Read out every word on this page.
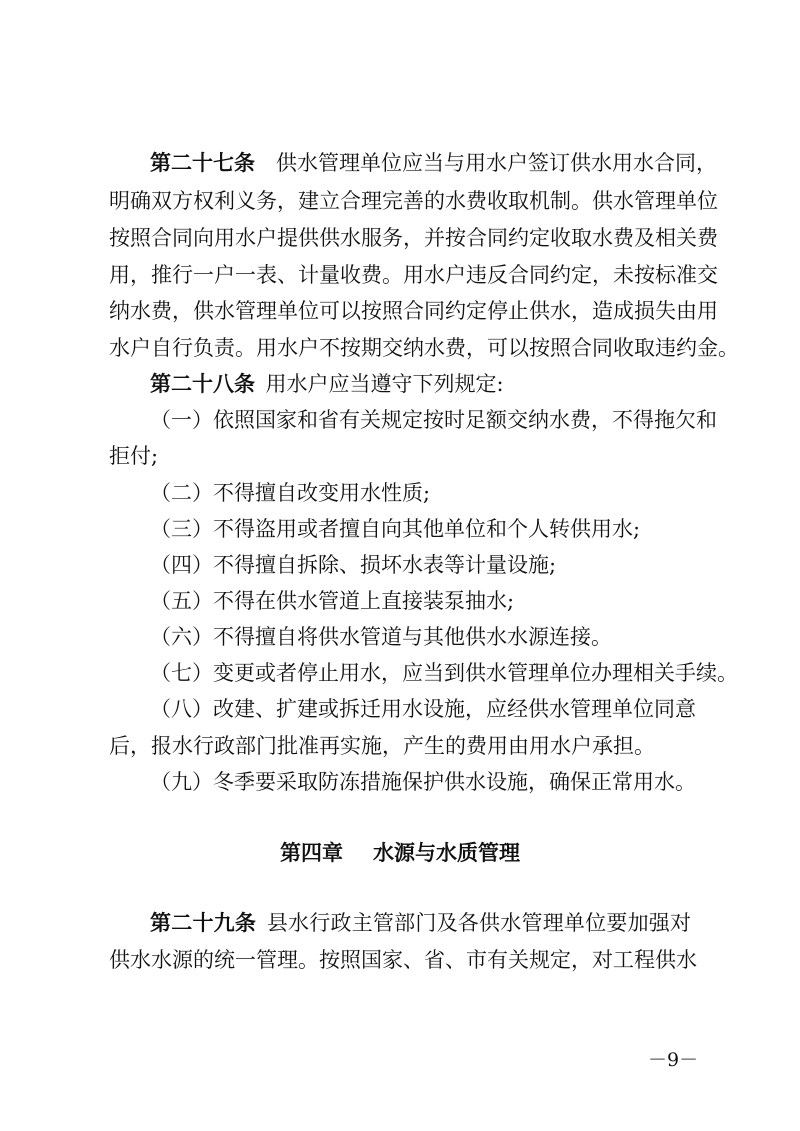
第二十七条  供水管理单位应当与用水户签订供水用水合同，
明确双方权利义务，建立合理完善的水费收取机制。供水管理单位
按照合同向用水户提供供水服务，并按合同约定收取水费及相关费
用，推行一户一表、计量收费。用水户违反合同约定，未按标准交
纳水费，供水管理单位可以按照合同约定停止供水，造成损失由用
水户自行负责。用水户不按期交纳水费，可以按照合同收取违约金。
第二十八条  用水户应当遵守下列规定:
（一）依照国家和省有关规定按时足额交纳水费，不得拖欠和
拒付;
（二）不得擅自改变用水性质;
（三）不得盗用或者擅自向其他单位和个人转供用水;
（四）不得擅自拆除、损坏水表等计量设施;
（五）不得在供水管道上直接装泵抽水;
（六）不得擅自将供水管道与其他供水水源连接。
（七）变更或者停止用水，应当到供水管理单位办理相关手续。
（八）改建、扩建或拆迁用水设施，应经供水管理单位同意
后，报水行政部门批准再实施，产生的费用由用水户承担。
（九）冬季要采取防冻措施保护供水设施，确保正常用水。
第四章 水源与水质管理
第二十九条  县水行政主管部门及各供水管理单位要加强对
供水水源的统一管理。按照国家、省、市有关规定，对工程供水
－9－
